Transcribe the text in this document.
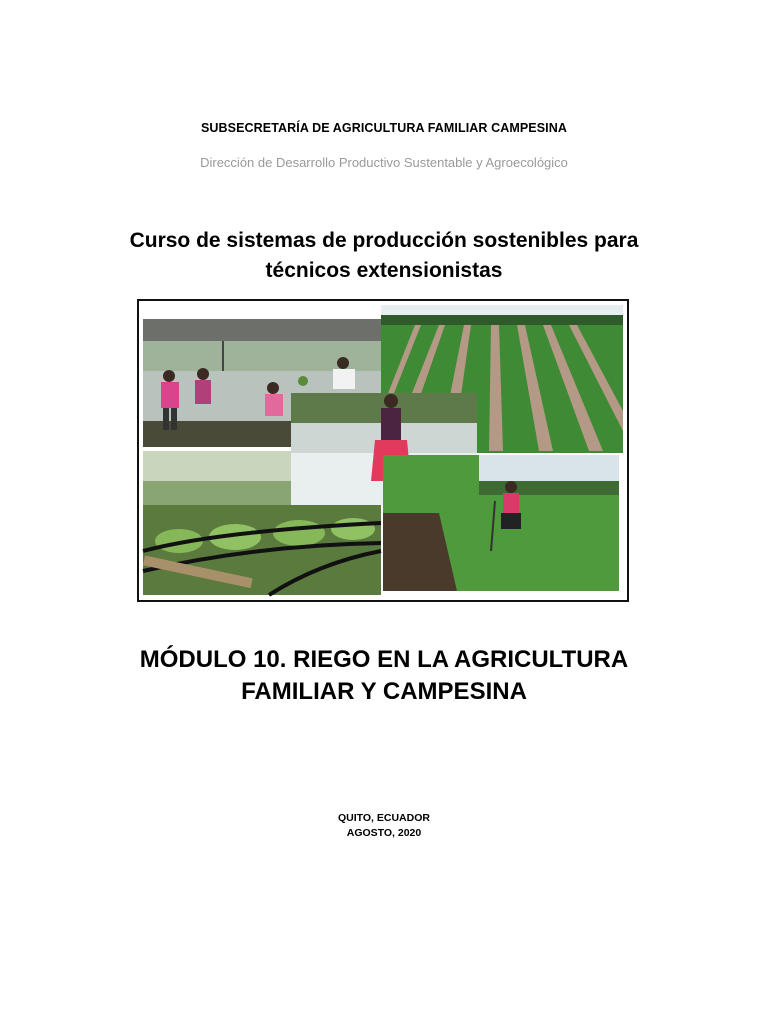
SUBSECRETARÍA DE AGRICULTURA FAMILIAR CAMPESINA
Dirección de Desarrollo Productivo Sustentable y Agroecológico
Curso de sistemas de producción sostenibles para
técnicos extensionistas
MÓDULO 10. RIEGO EN LA AGRICULTURA
FAMILIAR Y CAMPESINA
QUITO, ECUADOR
AGOSTO, 2020
